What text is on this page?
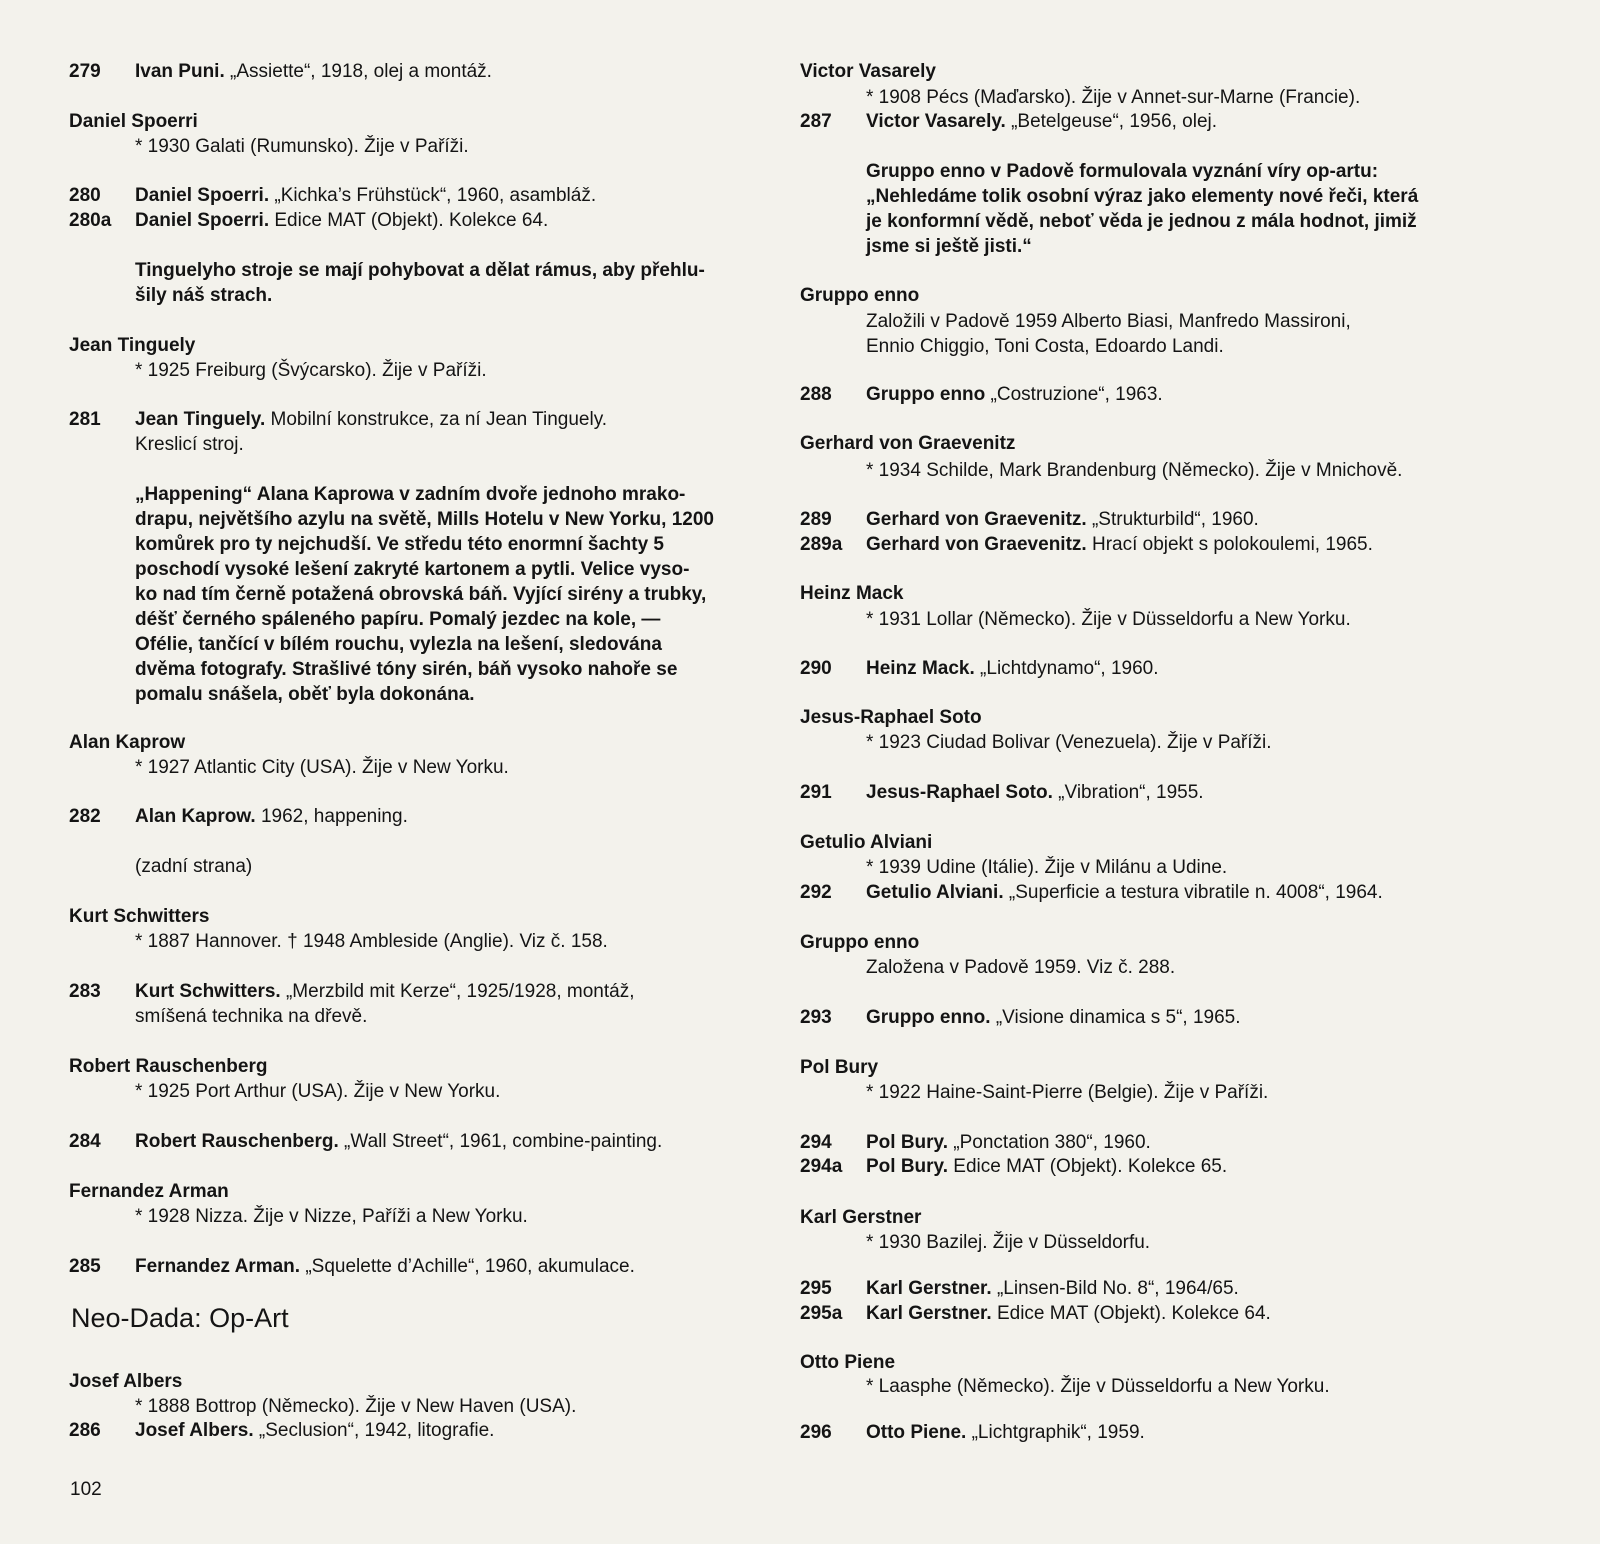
279 Ivan Puni. „Assiette“, 1918, olej a montáž.
Daniel Spoerri
* 1930 Galati (Rumunsko). Žije v Paříži.
280 Daniel Spoerri. „Kichka’s Frühstück“, 1960, asambláž.
280a Daniel Spoerri. Edice MAT (Objekt). Kolekce 64.
Tinguelyho stroje se mají pohybovat a dělat rámus, aby přehlu-
šily náš strach.
Jean Tinguely
* 1925 Freiburg (Švýcarsko). Žije v Paříži.
281 Jean Tinguely. Mobilní konstrukce, za ní Jean Tinguely.
Kreslicí stroj.
„Happening“ Alana Kaprowa v zadním dvoře jednoho mrako-
drapu, největšího azylu na světě, Mills Hotelu v New Yorku, 1200
komůrek pro ty nejchudší. Ve středu této enormní šachty 5
poschodí vysoké lešení zakryté kartonem a pytli. Velice vyso-
ko nad tím černě potažená obrovská báň. Vyjící sirény a trubky,
déšť černého spáleného papíru. Pomalý jezdec na kole, —
Ofélie, tančící v bílém rouchu, vylezla na lešení, sledována
dvěma fotografy. Strašlivé tóny sirén, báň vysoko nahoře se
pomalu snášela, oběť byla dokonána.
Alan Kaprow
* 1927 Atlantic City (USA). Žije v New Yorku.
282 Alan Kaprow. 1962, happening.
(zadní strana)
Kurt Schwitters
* 1887 Hannover. † 1948 Ambleside (Anglie). Viz č. 158.
283 Kurt Schwitters. „Merzbild mit Kerze“, 1925/1928, montáž,
smíšená technika na dřevě.
Robert Rauschenberg
* 1925 Port Arthur (USA). Žije v New Yorku.
284 Robert Rauschenberg. „Wall Street“, 1961, combine-painting.
Fernandez Arman
* 1928 Nizza. Žije v Nizze, Paříži a New Yorku.
285 Fernandez Arman. „Squelette d’Achille“, 1960, akumulace.
Neo-Dada: Op-Art
Josef Albers
* 1888 Bottrop (Německo). Žije v New Haven (USA).
286 Josef Albers. „Seclusion“, 1942, litografie.
Victor Vasarely
* 1908 Pécs (Maďarsko). Žije v Annet-sur-Marne (Francie).
287 Victor Vasarely. „Betelgeuse“, 1956, olej.
Gruppo enno v Padově formulovala vyznání víry op-artu:
„Nehledáme tolik osobní výraz jako elementy nové řeči, která
je konformní vědě, neboť věda je jednou z mála hodnot, jimiž
jsme si ještě jisti.“
Gruppo enno
Založili v Padově 1959 Alberto Biasi, Manfredo Massironi,
Ennio Chiggio, Toni Costa, Edoardo Landi.
288 Gruppo enno „Costruzione“, 1963.
Gerhard von Graevenitz
* 1934 Schilde, Mark Brandenburg (Německo). Žije v Mnichově.
289 Gerhard von Graevenitz. „Strukturbild“, 1960.
289a Gerhard von Graevenitz. Hrací objekt s polokoulemi, 1965.
Heinz Mack
* 1931 Lollar (Německo). Žije v Düsseldorfu a New Yorku.
290 Heinz Mack. „Lichtdynamo“, 1960.
Jesus-Raphael Soto
* 1923 Ciudad Bolivar (Venezuela). Žije v Paříži.
291 Jesus-Raphael Soto. „Vibration“, 1955.
Getulio Alviani
* 1939 Udine (Itálie). Žije v Milánu a Udine.
292 Getulio Alviani. „Superficie a testura vibratile n. 4008“, 1964.
Gruppo enno
Založena v Padově 1959. Viz č. 288.
293 Gruppo enno. „Visione dinamica s 5“, 1965.
Pol Bury
* 1922 Haine-Saint-Pierre (Belgie). Žije v Paříži.
294 Pol Bury. „Ponctation 380“, 1960.
294a Pol Bury. Edice MAT (Objekt). Kolekce 65.
Karl Gerstner
* 1930 Bazilej. Žije v Düsseldorfu.
295 Karl Gerstner. „Linsen-Bild No. 8“, 1964/65.
295a Karl Gerstner. Edice MAT (Objekt). Kolekce 64.
Otto Piene
* Laasphe (Německo). Žije v Düsseldorfu a New Yorku.
296 Otto Piene. „Lichtgraphik“, 1959.
102
